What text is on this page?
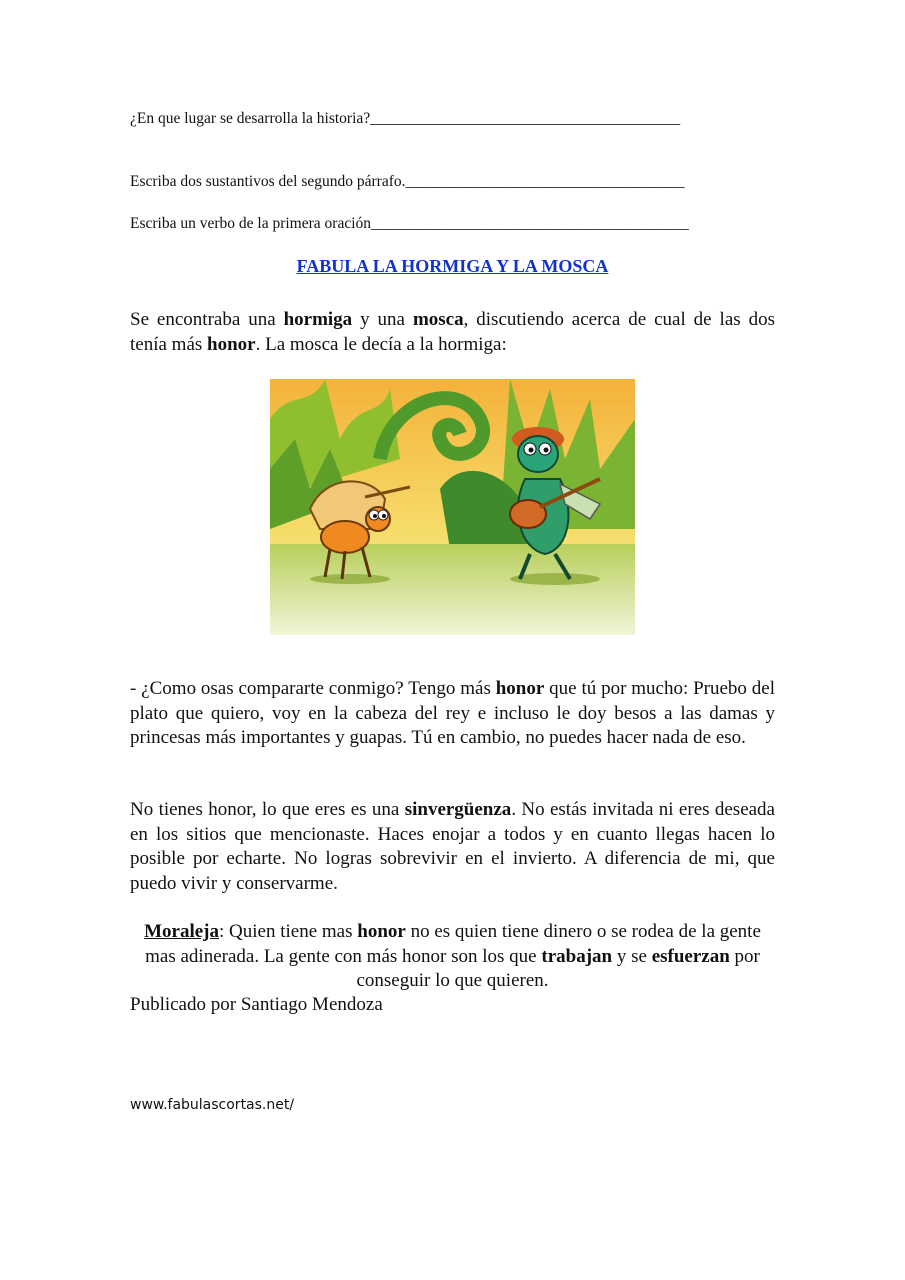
¿En que lugar se desarrolla la historia?________________________________________
Escriba dos sustantivos del segundo párrafo.____________________________________
Escriba un verbo de la primera oración_________________________________________
FABULA LA HORMIGA Y LA MOSCA
Se encontraba una hormiga y una mosca, discutiendo acerca de cual de las dos tenía más honor. La mosca le decía a la hormiga:
- ¿Como osas compararte conmigo? Tengo más honor que tú por mucho: Pruebo del plato que quiero, voy en la cabeza del rey e incluso le doy besos a las damas y princesas más importantes y guapas. Tú en cambio, no puedes hacer nada de eso.
No tienes honor, lo que eres es una sinvergüenza. No estás invitada ni eres deseada en los sitios que mencionaste. Haces enojar a todos y en cuanto llegas hacen lo posible por echarte. No logras sobrevivir en el invierto. A diferencia de mi, que puedo vivir y conservarme.
Moraleja: Quien tiene mas honor no es quien tiene dinero o se rodea de la gente mas adinerada. La gente con más honor son los que trabajan y se esfuerzan por conseguir lo que quieren.
Publicado por Santiago Mendoza
www.fabulascortas.net/
